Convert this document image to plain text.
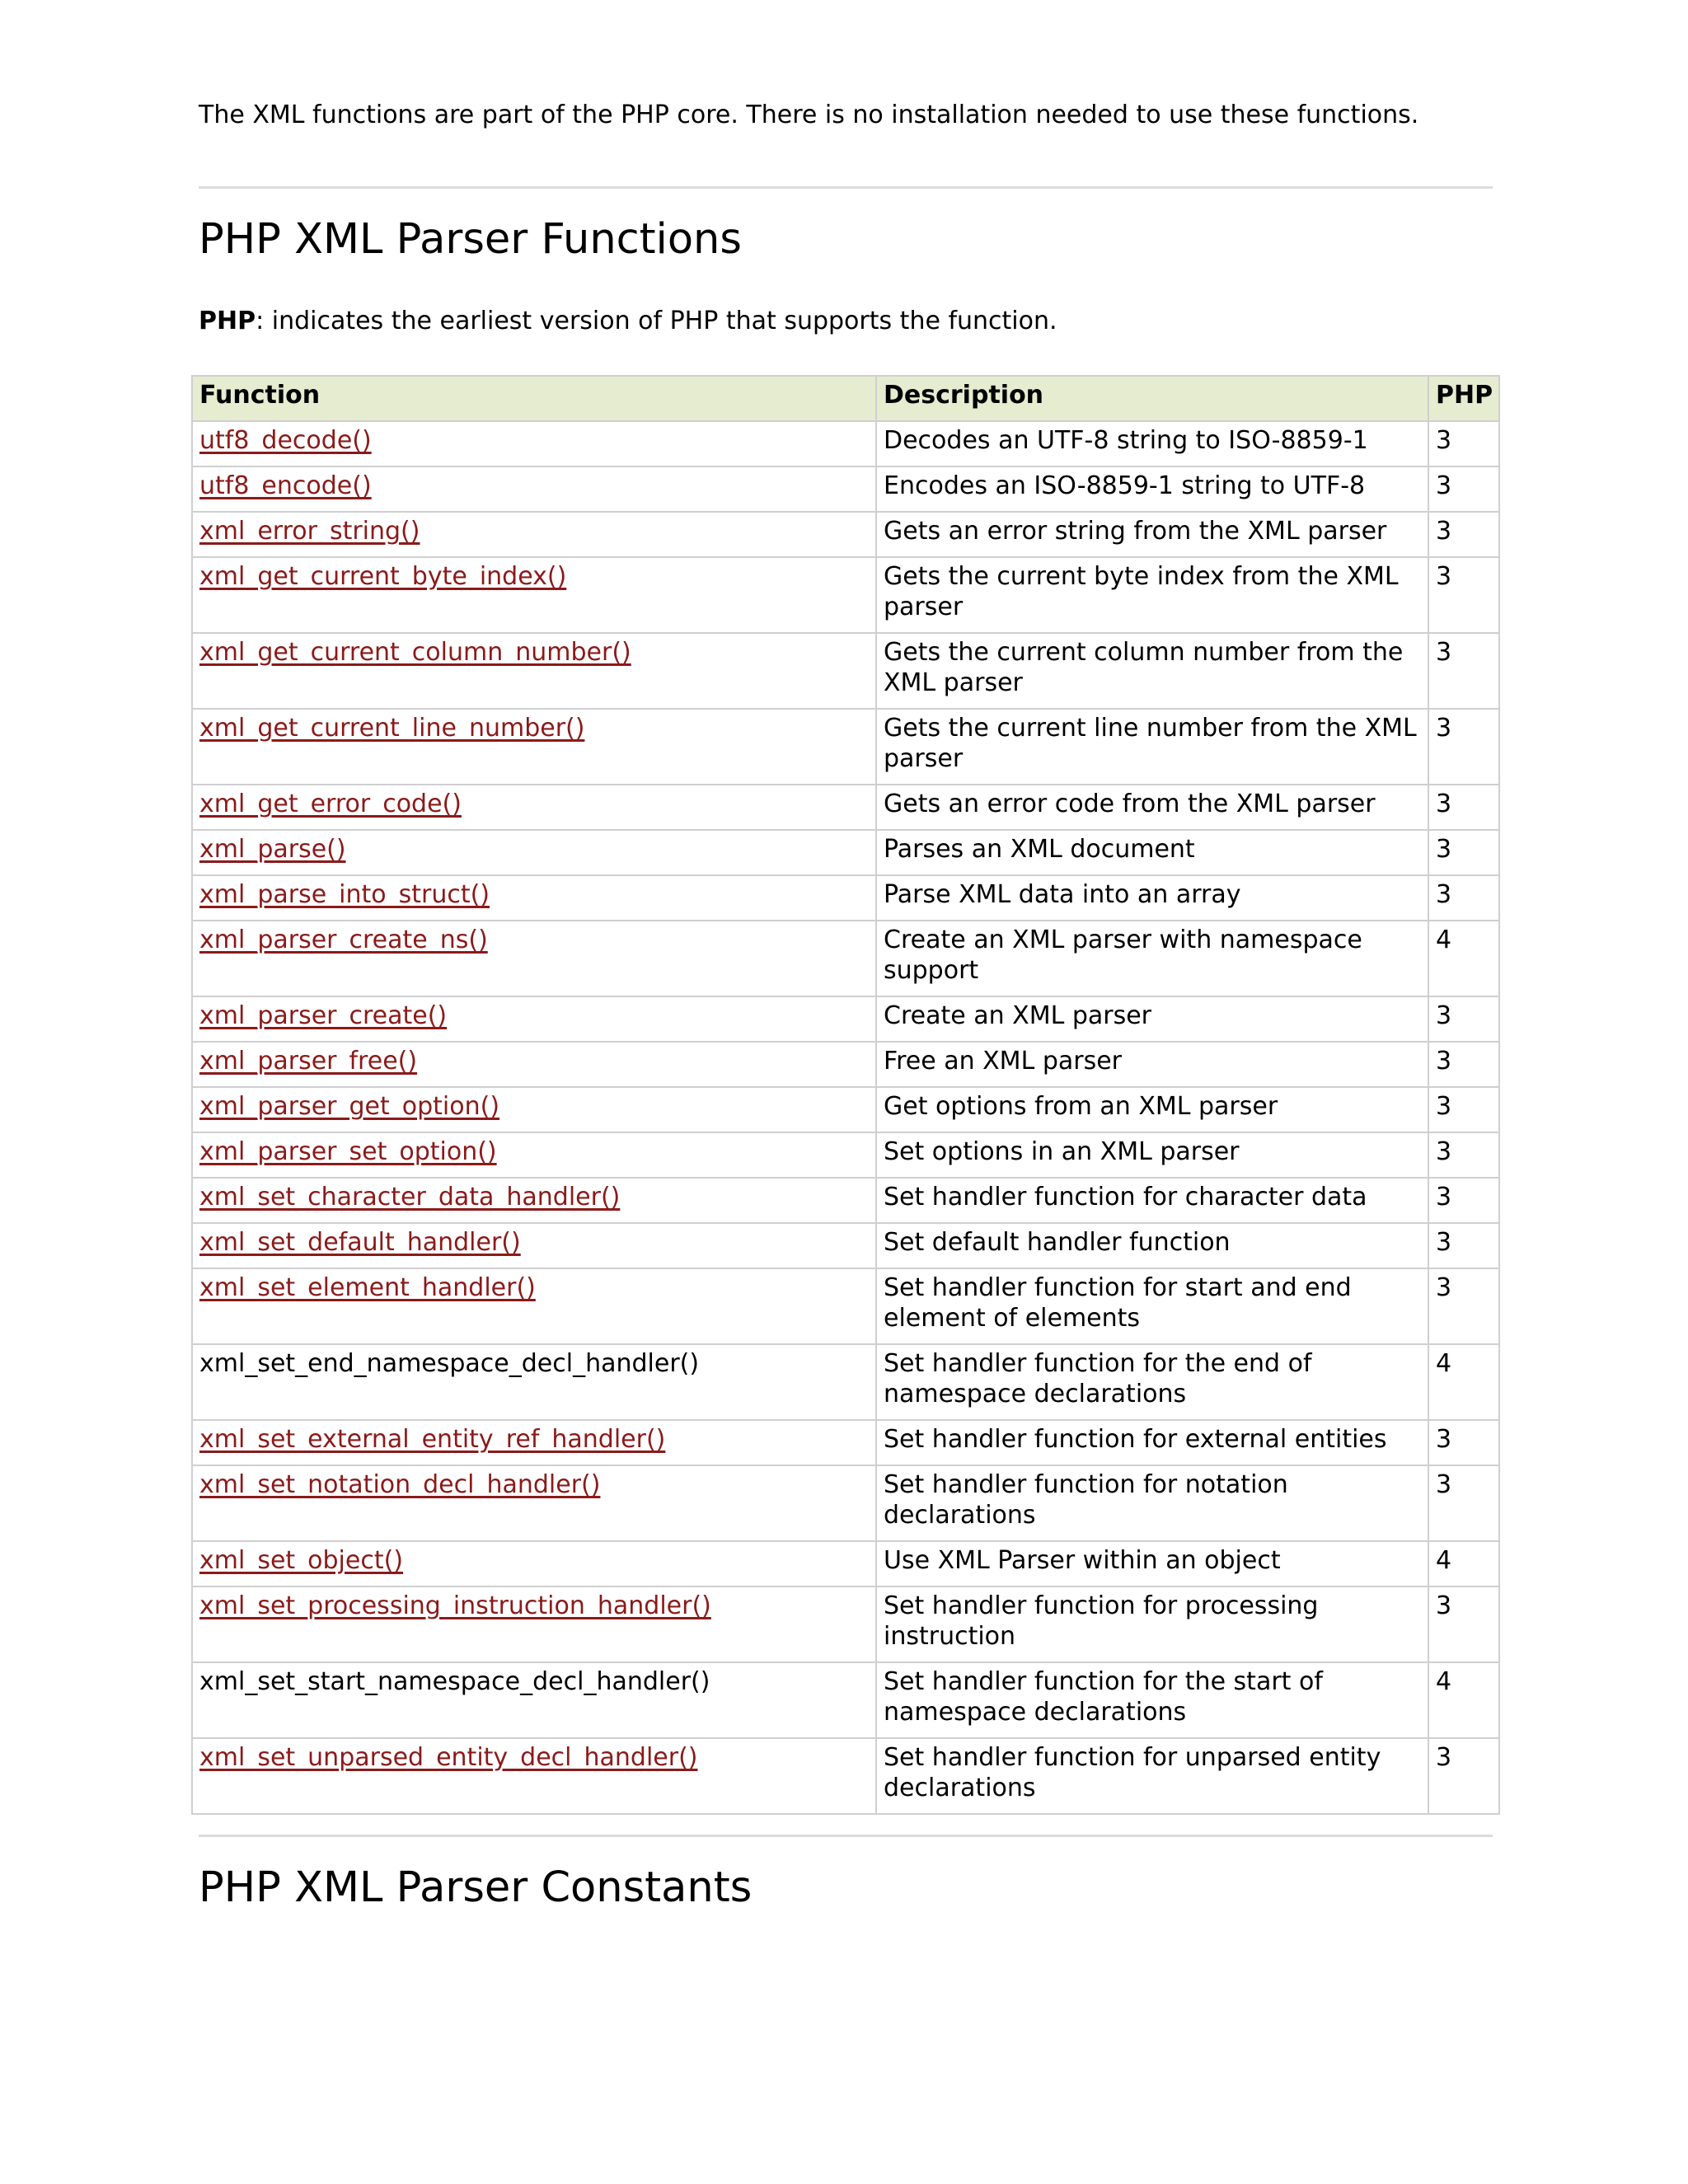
The XML functions are part of the PHP core. There is no installation needed to use these functions.
PHP XML Parser Functions
PHP: indicates the earliest version of PHP that supports the function.
Function	Description	PHP
utf8_decode()	Decodes an UTF-8 string to ISO-8859-1	3
utf8_encode()	Encodes an ISO-8859-1 string to UTF-8	3
xml_error_string()	Gets an error string from the XML parser	3
xml_get_current_byte_index()	Gets the current byte index from the XML parser	3
xml_get_current_column_number()	Gets the current column number from the XML parser	3
xml_get_current_line_number()	Gets the current line number from the XML parser	3
xml_get_error_code()	Gets an error code from the XML parser	3
xml_parse()	Parses an XML document	3
xml_parse_into_struct()	Parse XML data into an array	3
xml_parser_create_ns()	Create an XML parser with namespace support	4
xml_parser_create()	Create an XML parser	3
xml_parser_free()	Free an XML parser	3
xml_parser_get_option()	Get options from an XML parser	3
xml_parser_set_option()	Set options in an XML parser	3
xml_set_character_data_handler()	Set handler function for character data	3
xml_set_default_handler()	Set default handler function	3
xml_set_element_handler()	Set handler function for start and end element of elements	3
xml_set_end_namespace_decl_handler()	Set handler function for the end of namespace declarations	4
xml_set_external_entity_ref_handler()	Set handler function for external entities	3
xml_set_notation_decl_handler()	Set handler function for notation declarations	3
xml_set_object()	Use XML Parser within an object	4
xml_set_processing_instruction_handler()	Set handler function for processing instruction	3
xml_set_start_namespace_decl_handler()	Set handler function for the start of namespace declarations	4
xml_set_unparsed_entity_decl_handler()	Set handler function for unparsed entity declarations	3
PHP XML Parser Constants
